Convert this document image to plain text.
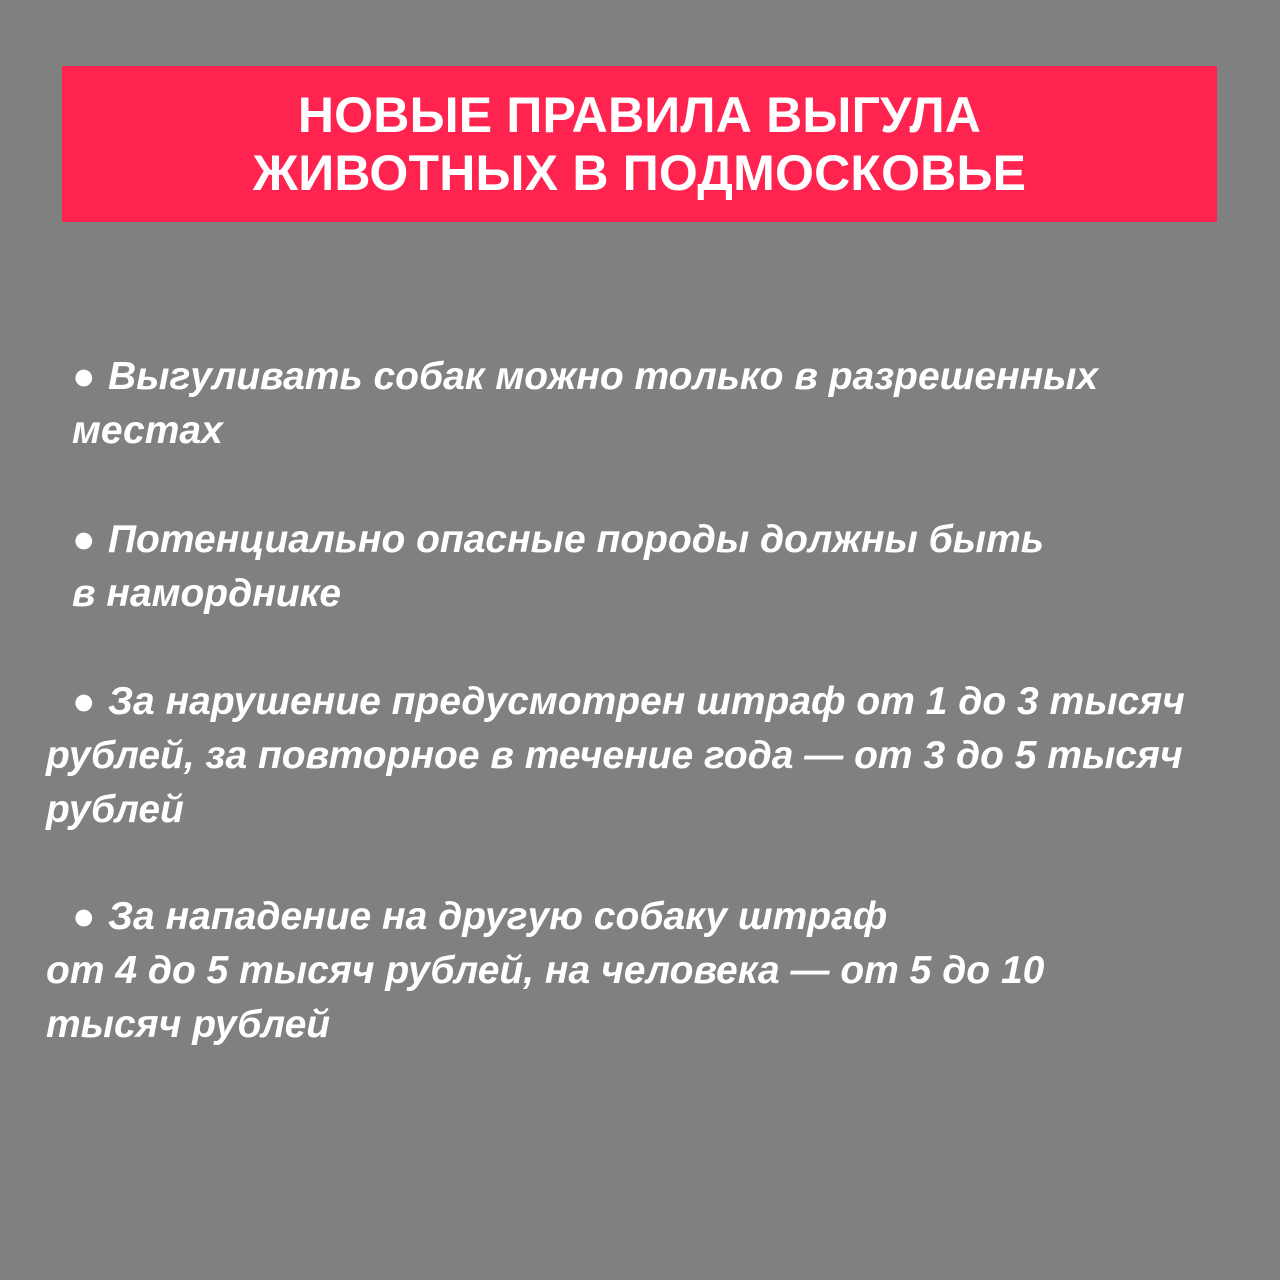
НОВЫЕ ПРАВИЛА ВЫГУЛА
ЖИВОТНЫХ В ПОДМОСКОВЬЕ
● Выгуливать собак можно только в разрешенных
местах
● Потенциально опасные породы должны быть
в наморднике
● За нарушение предусмотрен штраф от 1 до 3 тысяч
рублей, за повторное в течение года — от 3 до 5 тысяч
рублей
● За нападение на другую собаку штраф
от 4 до 5 тысяч рублей, на человека — от 5 до 10
тысяч рублей
